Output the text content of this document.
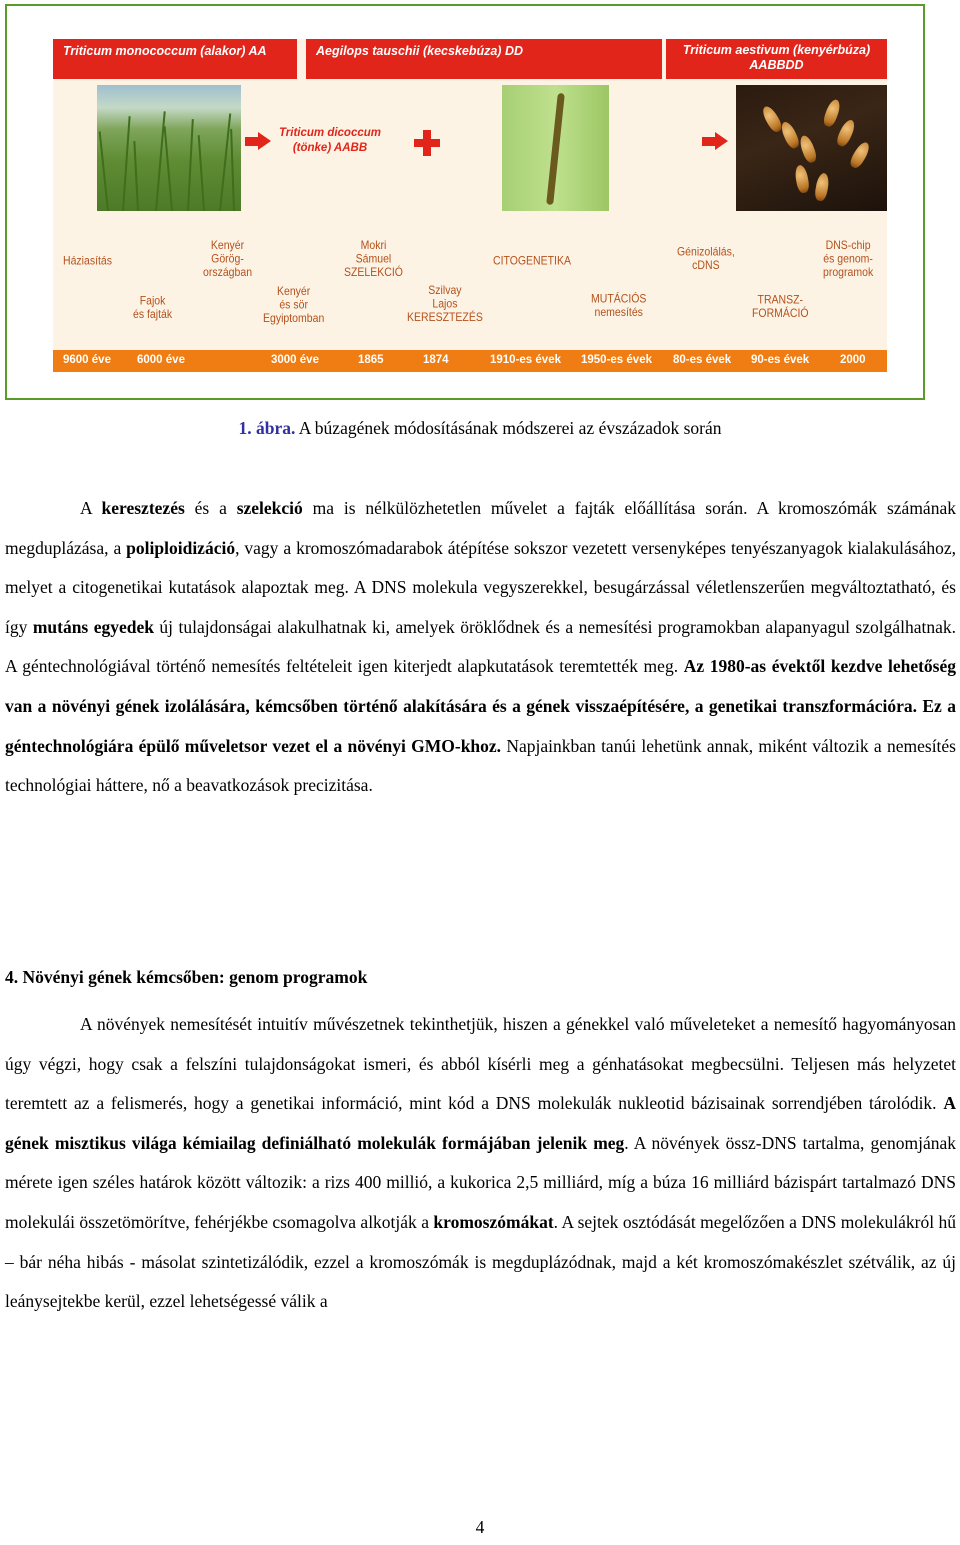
Triticum monococcum (alakor) AA	Aegilops tauschii (kecskebúza) DD	Triticum aestivum (kenyérbúza)
AABBDD
Triticum dicoccum
(tönke) AABB
Háziasítás
Fajok
és fajták
Kenyér
Görög-
országban
Kenyér
és sör
Egyiptomban
Mokri
Sámuel
SZELEKCIÓ
Szilvay
Lajos
KERESZTEZÉS
CITOGENETIKA
MUTÁCIÓS
nemesítés
Génizolálás,
cDNS
TRANSZ-
FORMÁCIÓ
DNS-chip
és genom-
programok
9600 éve 6000 éve	3000 éve	1865	1874	1910-es évek 1950-es évek 80-es évek 90-es évek	2000
1. ábra. A búzagének módosításának módszerei az évszázadok során

A keresztezés és a szelekció ma is nélkülözhetetlen művelet a fajták előállítása során. A kromoszómák számának megduplázása, a poliploidizáció, vagy a kromoszómadarabok átépítése sokszor vezetett versenyképes tenyészanyagok kialakulásához, melyet a citogenetikai kutatások alapoztak meg. A DNS molekula vegyszerekkel, besugárzással véletlenszerűen megváltoztatható, és így mutáns egyedek új tulajdonságai alakulhatnak ki, amelyek öröklődnek és a nemesítési programokban alapanyagul szolgálhatnak. A géntechnológiával történő nemesítés feltételeit igen kiterjedt alapkutatások teremtették meg. Az 1980-as évektől kezdve lehetőség van a növényi gének izolálására, kémcsőben történő alakítására és a gének visszaépítésére, a genetikai transzformációra. Ez a géntechnológiára épülő műveletsor vezet el a növényi GMO-khoz. Napjainkban tanúi lehetünk annak, miként változik a nemesítés technológiai háttere, nő a beavatkozások precizitása.

4. Növényi gének kémcsőben: genom programok

A növények nemesítését intuitív művészetnek tekinthetjük, hiszen a génekkel való műveleteket a nemesítő hagyományosan úgy végzi, hogy csak a felszíni tulajdonságokat ismeri, és abból kísérli meg a génhatásokat megbecsülni. Teljesen más helyzetet teremtett az a felismerés, hogy a genetikai információ, mint kód a DNS molekulák nukleotid bázisainak sorrendjében tárolódik. A gének misztikus világa kémiailag definiálható molekulák formájában jelenik meg. A növények össz-DNS tartalma, genomjának mérete igen széles határok között változik: a rizs 400 millió, a kukorica 2,5 milliárd, míg a búza 16 milliárd bázispárt tartalmazó DNS molekulái összetömörítve, fehérjékbe csomagolva alkotják a kromoszómákat. A sejtek osztódását megelőzően a DNS molekulákról hű – bár néha hibás - másolat szintetizálódik, ezzel a kromoszómák is megduplázódnak, majd a két kromoszómakészlet szétválik, az új leánysejtekbe kerül, ezzel lehetségessé válik a

4
